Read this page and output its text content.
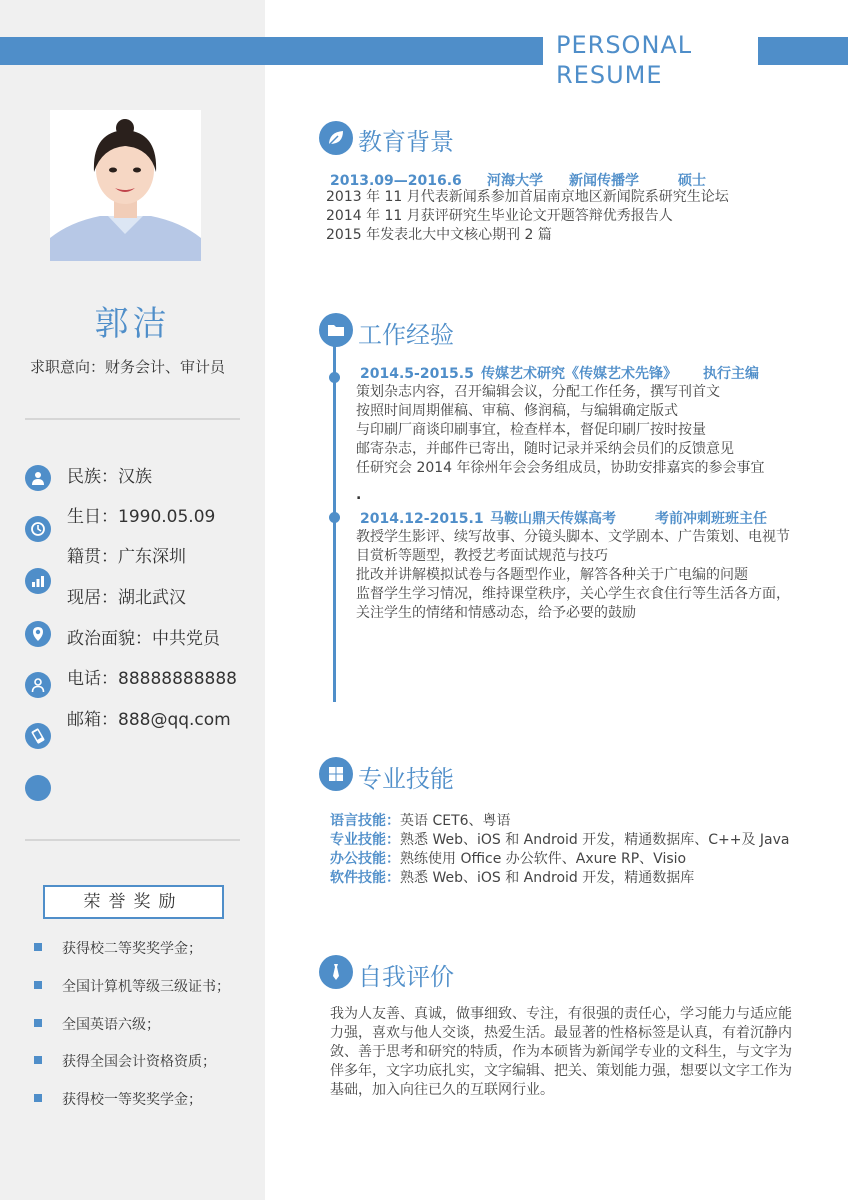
PERSONAL
RESUME
郭洁
求职意向：财务会计、审计员
民族：汉族
生日：1990.05.09
籍贯：广东深圳
现居：湖北武汉
政治面貌：中共党员
电话：88888888888
邮箱：888@qq.com
荣誉奖励
获得校二等奖奖学金；
全国计算机等级三级证书；
全国英语六级；
获得全国会计资格资质；
获得校一等奖奖学金；
教育背景
2013.09—2016.6 河海大学 新闻传播学	硕士
2013 年 11 月代表新闻系参加首届南京地区新闻院系研究生论坛
2014 年 11 月获评研究生毕业论文开题答辩优秀报告人
2015 年发表北大中文核心期刊 2 篇
工作经验
2014.5-2015.5 传媒艺术研究《传媒艺术先锋》 执行主编
策划杂志内容，召开编辑会议，分配工作任务，撰写刊首文
按照时间周期催稿、审稿、修润稿，与编辑确定版式
与印刷厂商谈印刷事宜，检查样本，督促印刷厂按时按量
邮寄杂志，并邮件已寄出，随时记录并采纳会员们的反馈意见
任研究会 2014 年徐州年会会务组成员，协助安排嘉宾的参会事宜
.
2014.12-2015.1 马鞍山鼎天传媒高考	考前冲刺班班主任
教授学生影评、续写故事、分镜头脚本、文学剧本、广告策划、电视节
目赏析等题型，教授艺考面试规范与技巧
批改并讲解模拟试卷与各题型作业，解答各种关于广电编的问题
监督学生学习情况，维持课堂秩序，关心学生衣食住行等生活各方面，
关注学生的情绪和情感动态，给予必要的鼓励
专业技能
语言技能：英语 CET6、粤语
专业技能：熟悉 Web、iOS 和 Android 开发，精通数据库、C++及 Java
办公技能：熟练使用 Office 办公软件、Axure RP、Visio
软件技能：熟悉 Web、iOS 和 Android 开发，精通数据库
自我评价
我为人友善、真诚，做事细致、专注，有很强的责任心，学习能力与适应能
力强，喜欢与他人交谈，热爱生活。最显著的性格标签是认真，有着沉静内
敛、善于思考和研究的特质，作为本硕皆为新闻学专业的文科生，与文字为
伴多年，文字功底扎实，文字编辑、把关、策划能力强，想要以文字工作为
基础，加入向往已久的互联网行业。
